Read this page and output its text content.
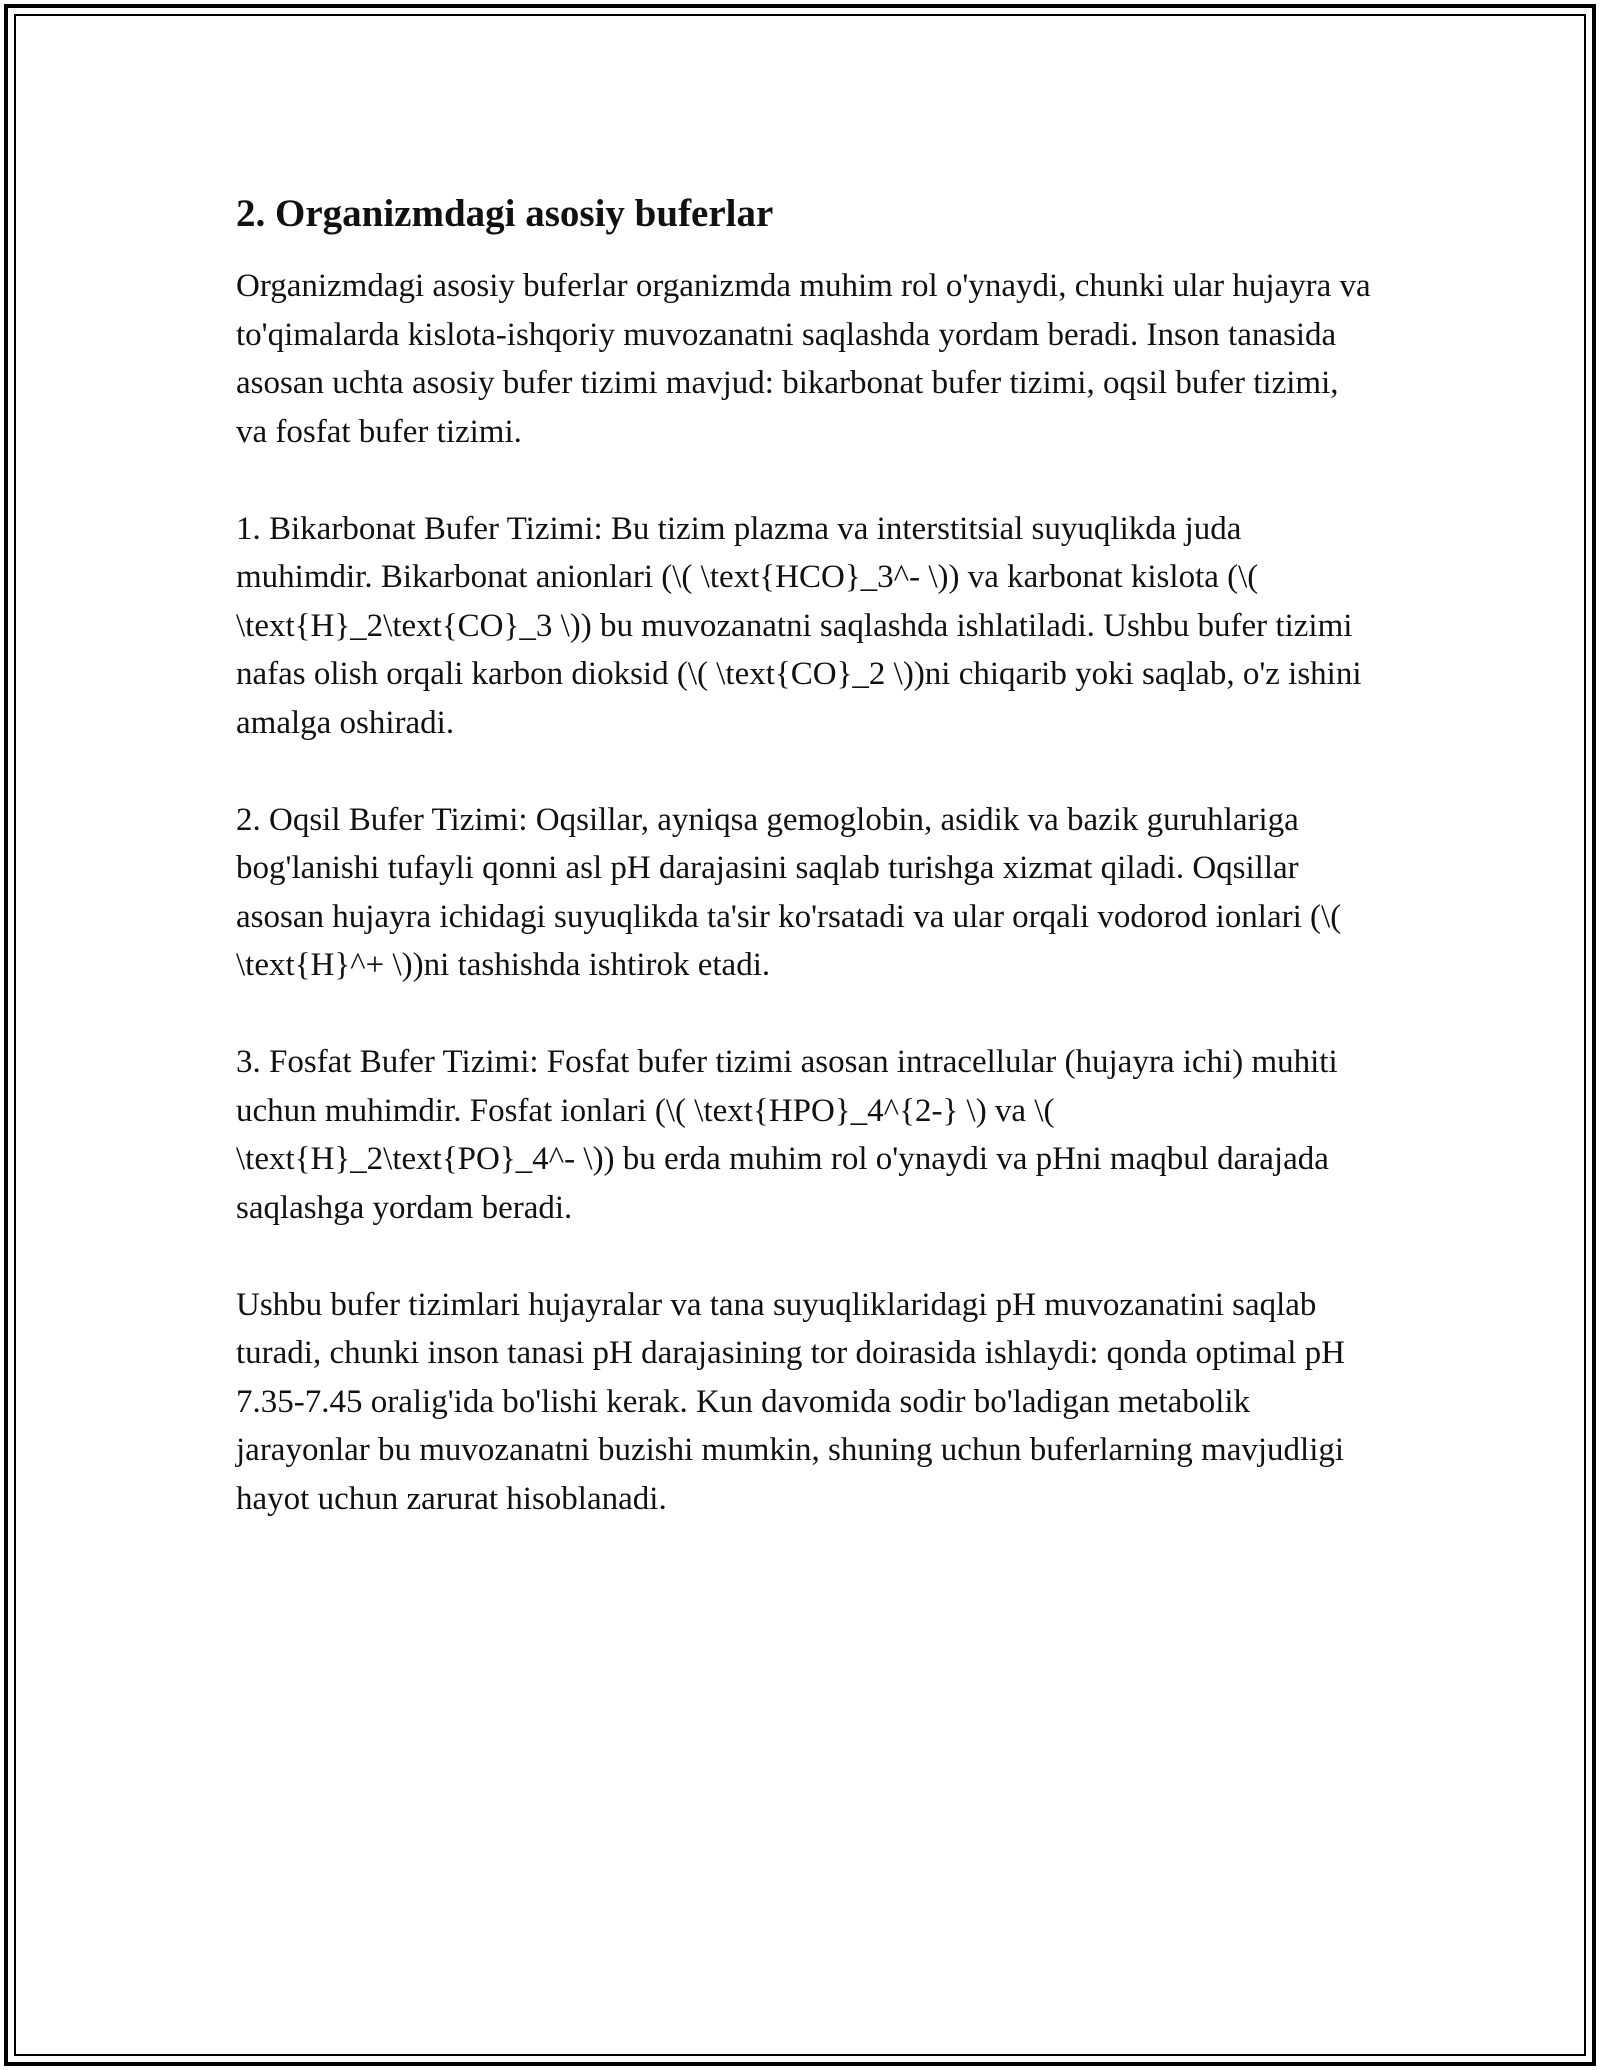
2. Organizmdagi asosiy buferlar

Organizmdagi asosiy buferlar organizmda muhim rol o'ynaydi, chunki ular hujayra va to'qimalarda kislota-ishqoriy muvozanatni saqlashda yordam beradi. Inson tanasida asosan uchta asosiy bufer tizimi mavjud: bikarbonat bufer tizimi, oqsil bufer tizimi, va fosfat bufer tizimi.

1. Bikarbonat Bufer Tizimi: Bu tizim plazma va interstitsial suyuqlikda juda muhimdir. Bikarbonat anionlari (\( \text{HCO}_3^- \)) va karbonat kislota (\( \text{H}_2\text{CO}_3 \)) bu muvozanatni saqlashda ishlatiladi. Ushbu bufer tizimi nafas olish orqali karbon dioksid (\( \text{CO}_2 \))ni chiqarib yoki saqlab, o'z ishini amalga oshiradi.

2. Oqsil Bufer Tizimi: Oqsillar, ayniqsa gemoglobin, asidik va bazik guruhlariga bog'lanishi tufayli qonni asl pH darajasini saqlab turishga xizmat qiladi. Oqsillar asosan hujayra ichidagi suyuqlikda ta'sir ko'rsatadi va ular orqali vodorod ionlari (\( \text{H}^+ \))ni tashishda ishtirok etadi.

3. Fosfat Bufer Tizimi: Fosfat bufer tizimi asosan intracellular (hujayra ichi) muhiti uchun muhimdir. Fosfat ionlari (\( \text{HPO}_4^{2-} \) va \( \text{H}_2\text{PO}_4^- \)) bu erda muhim rol o'ynaydi va pHni maqbul darajada saqlashga yordam beradi.

Ushbu bufer tizimlari hujayralar va tana suyuqliklaridagi pH muvozanatini saqlab turadi, chunki inson tanasi pH darajasining tor doirasida ishlaydi: qonda optimal pH 7.35-7.45 oralig'ida bo'lishi kerak. Kun davomida sodir bo'ladigan metabolik jarayonlar bu muvozanatni buzishi mumkin, shuning uchun buferlarning mavjudligi hayot uchun zarurat hisoblanadi.
